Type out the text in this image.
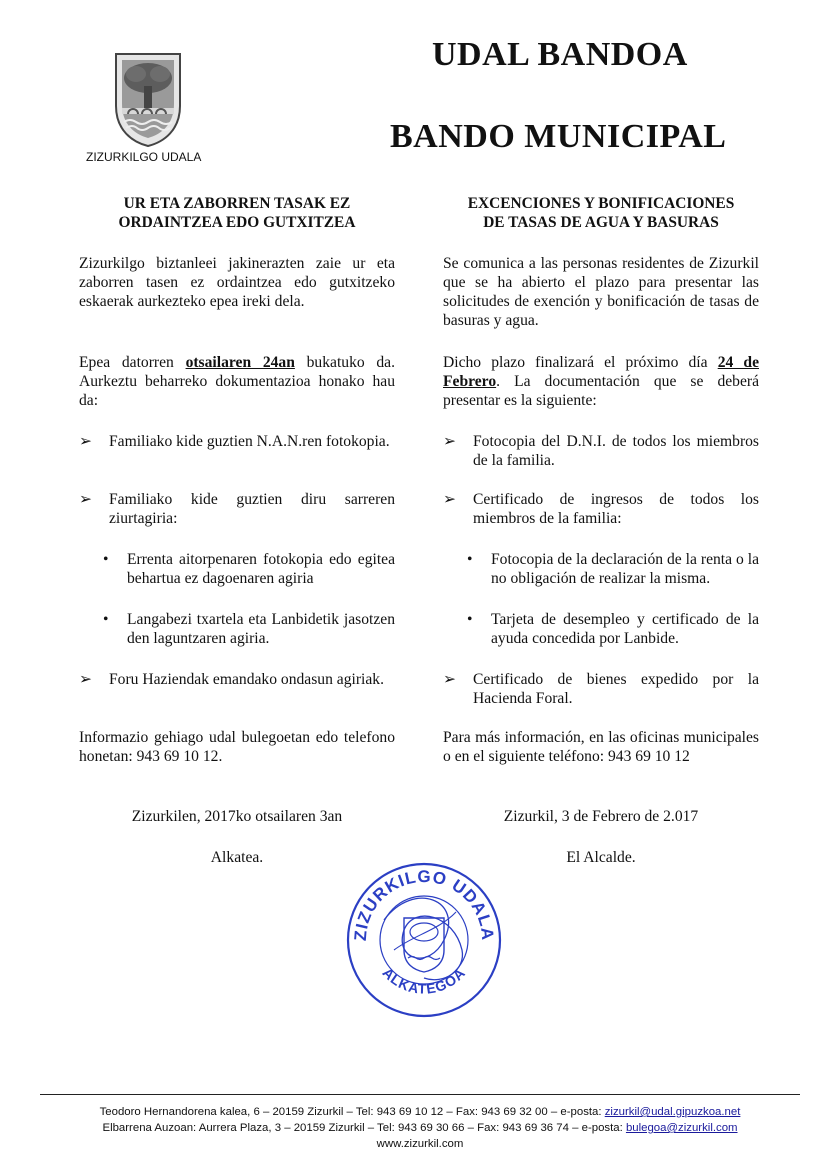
ZIZURKILGO UDALA
UDAL BANDOA
BANDO MUNICIPAL
UR ETA ZABORREN TASAK EZ
ORDAINTZEA EDO GUTXITZEA
Zizurkilgo biztanleei jakinerazten zaie ur eta zaborren tasen ez ordaintzea edo gutxitzeko eskaerak aurkezteko epea ireki dela.
Epea datorren otsailaren 24an bukatuko da. Aurkeztu beharreko dokumentazioa honako hau da:
➢ Familiako kide guztien N.A.N.ren fotokopia.
➢ Familiako kide guztien diru sarreren ziurtagiria:
• Errenta aitorpenaren fotokopia edo egitea behartua ez dagoenaren agiria
• Langabezi txartela eta Lanbidetik jasotzen den laguntzaren agiria.
➢ Foru Haziendak emandako ondasun agiriak.
Informazio gehiago udal bulegoetan edo telefono honetan: 943 69 10 12.
Zizurkilen, 2017ko otsailaren 3an
Alkatea.
EXCENCIONES Y BONIFICACIONES
DE TASAS DE AGUA Y BASURAS
Se comunica a las personas residentes de Zizurkil que se ha abierto el plazo para presentar las solicitudes de exención y bonificación de tasas de basuras y agua.
Dicho plazo finalizará el próximo día 24 de Febrero. La documentación que se deberá presentar es la siguiente:
➢ Fotocopia del D.N.I. de todos los miembros de la familia.
➢ Certificado de ingresos de todos los miembros de la familia:
• Fotocopia de la declaración de la renta o la no obligación de realizar la misma.
• Tarjeta de desempleo y certificado de la ayuda concedida por Lanbide.
➢ Certificado de bienes expedido por la Hacienda Foral.
Para más información, en las oficinas municipales o en el siguiente teléfono: 943 69 10 12
Zizurkil, 3 de Febrero de 2.017
El Alcalde.
ZIZURKILGO UDALA
ALKATEGOA
Teodoro Hernandorena kalea, 6 – 20159 Zizurkil – Tel: 943 69 10 12 – Fax: 943 69 32 00 – e-posta: zizurkil@udal.gipuzkoa.net
Elbarrena Auzoan: Aurrera Plaza, 3 – 20159 Zizurkil – Tel: 943 69 30 66 – Fax: 943 69 36 74 – e-posta: bulegoa@zizurkil.com
www.zizurkil.com
